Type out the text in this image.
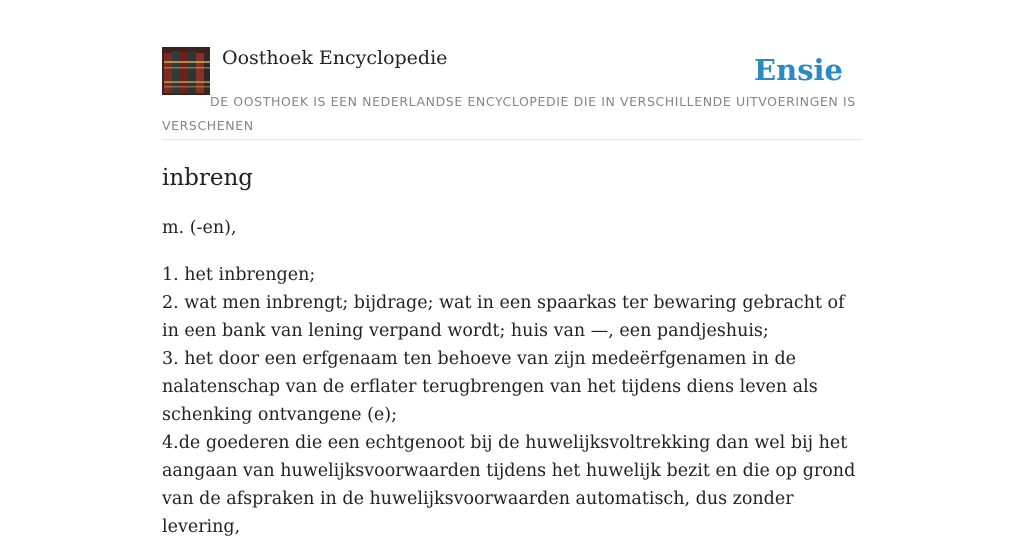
Oosthoek Encyclopedie	Ensie

DE OOSTHOEK IS EEN NEDERLANDSE ENCYCLOPEDIE DIE IN VERSCHILLENDE UITVOERINGEN IS VERSCHENEN

inbreng

m. (-en),

1. het inbrengen;
2. wat men inbrengt; bijdrage; wat in een spaarkas ter bewaring gebracht of in een bank van lening verpand wordt; huis van —, een pandjeshuis;
3. het door een erfgenaam ten behoeve van zijn medeërfgenamen in de nalatenschap van de erflater terugbrengen van het tijdens diens leven als schenking ontvangene (e);
4.de goederen die een echtgenoot bij de huwelijksvoltrekking dan wel bij het aangaan van huwelijksvoorwaarden tijdens het huwelijk bezit en die op grond van de afspraken in de huwelijksvoorwaarden automatisch, dus zonder levering,
